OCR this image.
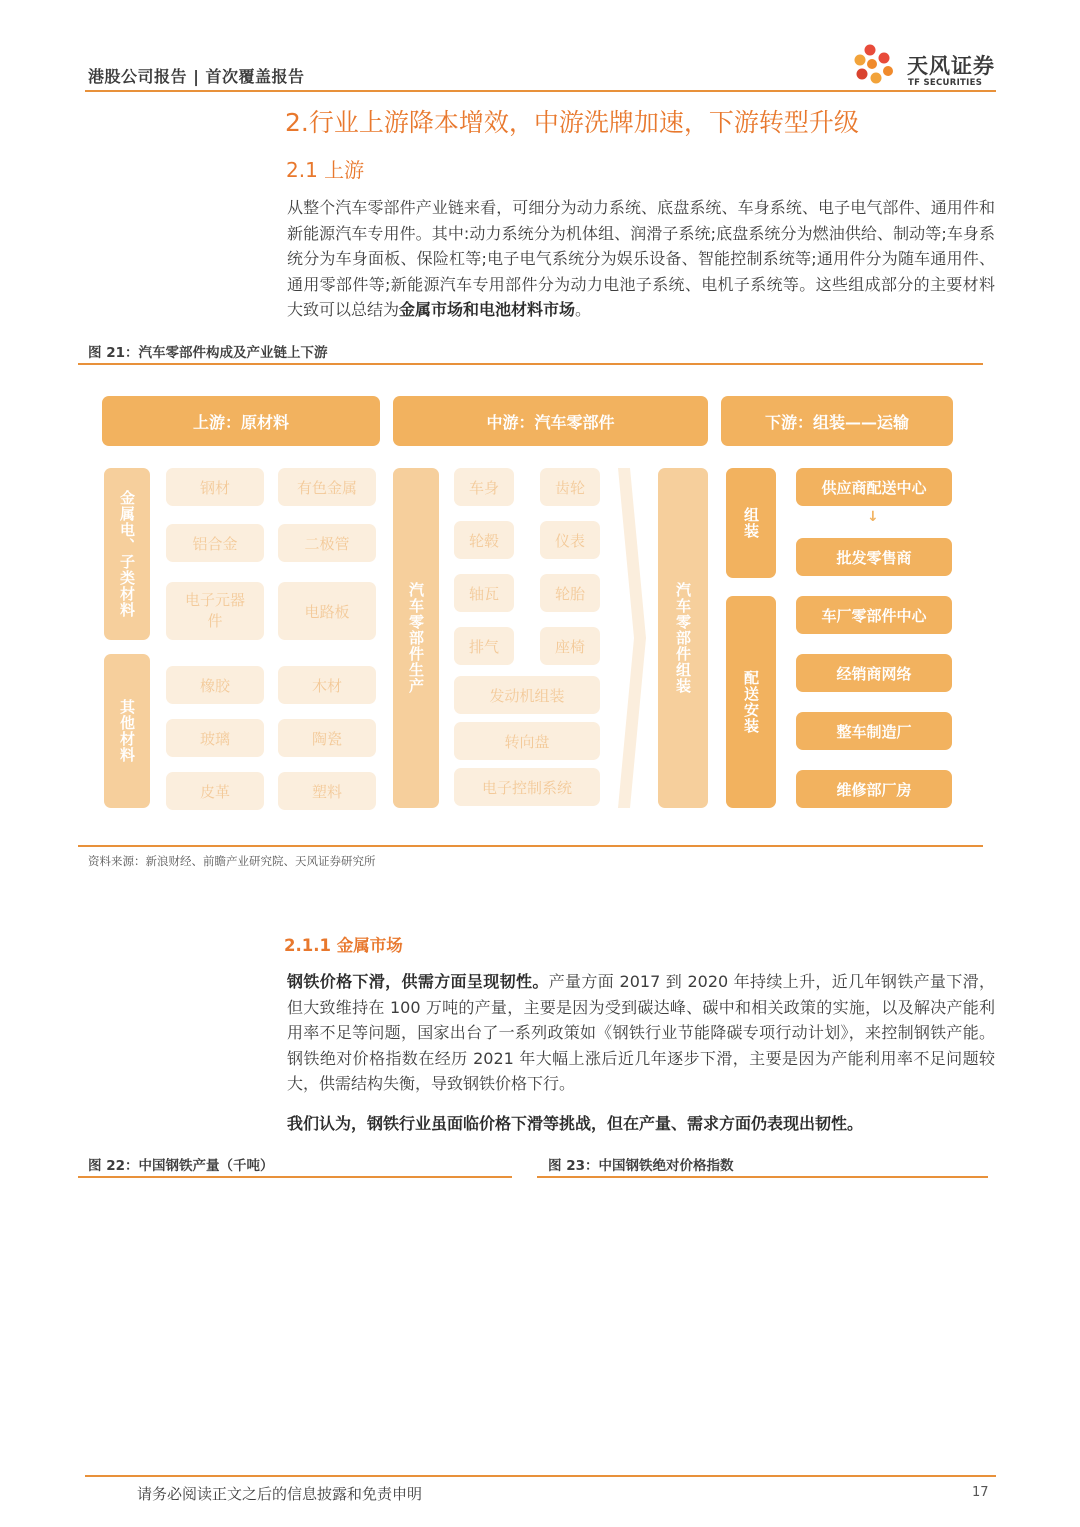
港股公司报告 | 首次覆盖报告	天风证券
TF SECURITIES
2.行业上游降本增效，中游洗牌加速，下游转型升级
2.1 上游
从整个汽车零部件产业链来看，可细分为动力系统、底盘系统、车身系统、电子电气部件、通用件和新能源汽车专用件。其中:动力系统分为机体组、润滑子系统;底盘系统分为燃油供给、制动等;车身系统分为车身面板、保险杠等;电子电气系统分为娱乐设备、智能控制系统等;通用件分为随车通用件、通用零部件等;新能源汽车专用部件分为动力电池子系统、电机子系统等。这些组成部分的主要材料大致可以总结为金属市场和电池材料市场。
图 21：汽车零部件构成及产业链上下游
上游：原材料	中游：汽车零部件	下游：组装——运输
金属电、子类材料
钢材	有色金属
铝合金	二极管
电子元器件
电路板
其他材料
橡胶	木材
玻璃	陶瓷
皮革	塑料
汽车零部件生产
车身	齿轮
轮毂	仪表
轴瓦	轮胎
排气	座椅
发动机组装
转向盘
电子控制系统
汽车零部件组装
组装
配送安装
供应商配送中心
↓
批发零售商
车厂零部件中心
经销商网络
整车制造厂
维修部厂房
资料来源：新浪财经、前瞻产业研究院、天风证券研究所
2.1.1 金属市场
钢铁价格下滑，供需方面呈现韧性。产量方面 2017 到 2020 年持续上升，近几年钢铁产量下滑，但大致维持在 100 万吨的产量，主要是因为受到碳达峰、碳中和相关政策的实施，以及解决产能利用率不足等问题，国家出台了一系列政策如《钢铁行业节能降碳专项行动计划》，来控制钢铁产能。钢铁绝对价格指数在经历 2021 年大幅上涨后近几年逐步下滑，主要是因为产能利用率不足问题较大，供需结构失衡，导致钢铁价格下行。
我们认为，钢铁行业虽面临价格下滑等挑战，但在产量、需求方面仍表现出韧性。
图 22：中国钢铁产量（千吨）	图 23：中国钢铁绝对价格指数
请务必阅读正文之后的信息披露和免责申明	17
